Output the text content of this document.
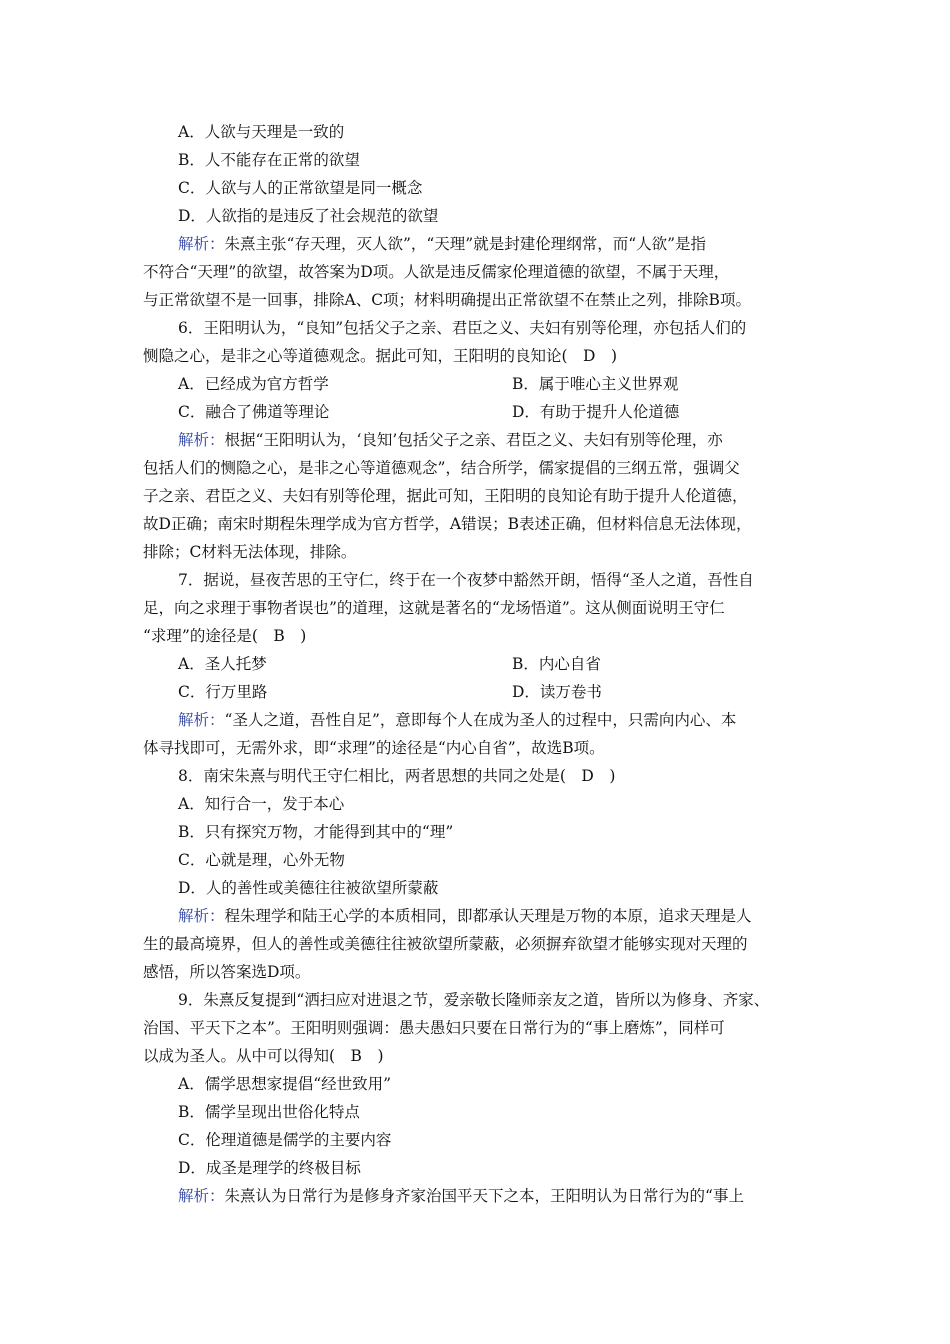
A．人欲与天理是一致的
B．人不能存在正常的欲望
C．人欲与人的正常欲望是同一概念
D．人欲指的是违反了社会规范的欲望
解析：朱熹主张“存天理，灭人欲”，“天理”就是封建伦理纲常，而“人欲”是指
不符合“天理”的欲望，故答案为D项。人欲是违反儒家伦理道德的欲望，不属于天理，
与正常欲望不是一回事，排除A、C项；材料明确提出正常欲望不在禁止之列，排除B项。
6．王阳明认为，“良知”包括父子之亲、君臣之义、夫妇有别等伦理，亦包括人们的
恻隐之心，是非之心等道德观念。据此可知，王阳明的良知论(　D　)
A．已经成为官方哲学	B．属于唯心主义世界观
C．融合了佛道等理论	D．有助于提升人伦道德
解析：根据“王阳明认为，‘良知’包括父子之亲、君臣之义、夫妇有别等伦理，亦
包括人们的恻隐之心，是非之心等道德观念”，结合所学，儒家提倡的三纲五常，强调父
子之亲、君臣之义、夫妇有别等伦理，据此可知，王阳明的良知论有助于提升人伦道德，
故D正确；南宋时期程朱理学成为官方哲学，A错误；B表述正确，但材料信息无法体现，
排除；C材料无法体现，排除。
7．据说，昼夜苦思的王守仁，终于在一个夜梦中豁然开朗，悟得“圣人之道，吾性自
足，向之求理于事物者误也”的道理，这就是著名的“龙场悟道”。这从侧面说明王守仁
“求理”的途径是(　B　)
A．圣人托梦	B．内心自省
C．行万里路	D．读万卷书
解析：“圣人之道，吾性自足”，意即每个人在成为圣人的过程中，只需向内心、本
体寻找即可，无需外求，即“求理”的途径是“内心自省”，故选B项。
8．南宋朱熹与明代王守仁相比，两者思想的共同之处是(　D　)
A．知行合一，发于本心
B．只有探究万物，才能得到其中的“理”
C．心就是理，心外无物
D．人的善性或美德往往被欲望所蒙蔽
解析：程朱理学和陆王心学的本质相同，即都承认天理是万物的本原，追求天理是人
生的最高境界，但人的善性或美德往往被欲望所蒙蔽，必须摒弃欲望才能够实现对天理的
感悟，所以答案选D项。
9．朱熹反复提到“洒扫应对进退之节，爱亲敬长隆师亲友之道，皆所以为修身、齐家、
治国、平天下之本”。王阳明则强调：愚夫愚妇只要在日常行为的“事上磨炼”，同样可
以成为圣人。从中可以得知(　B　)
A．儒学思想家提倡“经世致用”
B．儒学呈现出世俗化特点
C．伦理道德是儒学的主要内容
D．成圣是理学的终极目标
解析：朱熹认为日常行为是修身齐家治国平天下之本，王阳明认为日常行为的“事上
